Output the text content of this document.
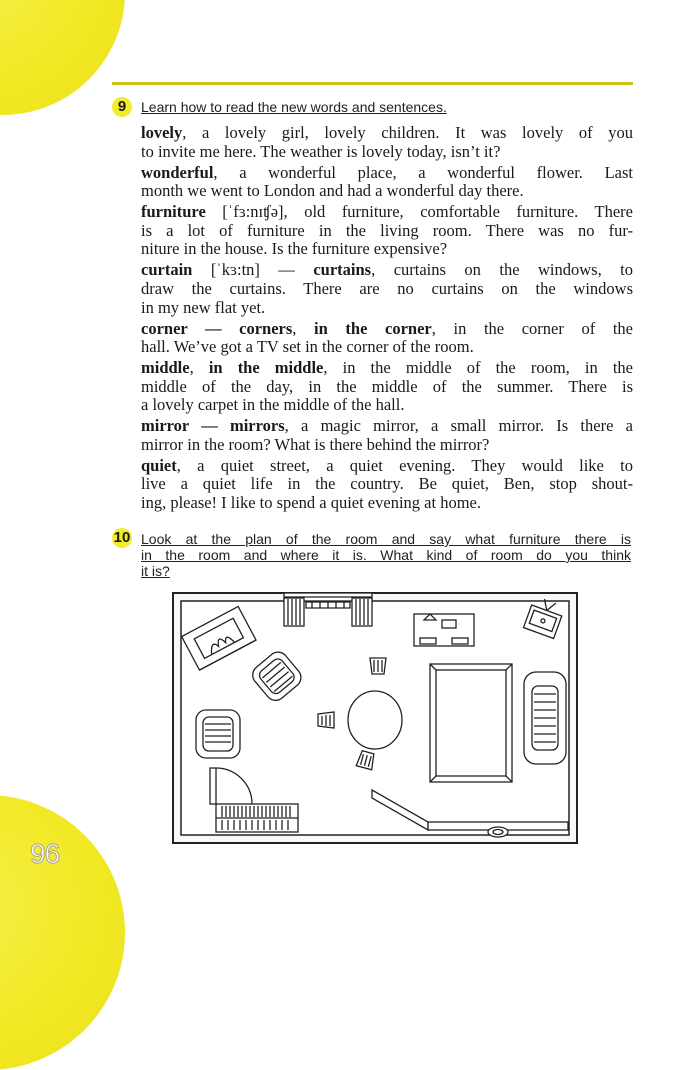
9	Learn how to read the new words and sentences.
lovely, a lovely girl, lovely children. It was lovely of you
to invite me here. The weather is lovely today, isn’t it?
wonderful, a wonderful place, a wonderful flower. Last
month we went to London and had a wonderful day there.
furniture [ˈfɜ:nɪʧə], old furniture, comfortable furniture. There
is a lot of furniture in the living room. There was no fur-
niture in the house. Is the furniture expensive?
curtain [ˈkɜ:tn] — curtains, curtains on the windows, to
draw the curtains. There are no curtains on the windows
in my new flat yet.
corner — corners, in the corner, in the corner of the
hall. We’ve got a TV set in the corner of the room.
middle, in the middle, in the middle of the room, in the
middle of the day, in the middle of the summer. There is
a lovely carpet in the middle of the hall.
mirror — mirrors, a magic mirror, a small mirror. Is there a
mirror in the room? What is there behind the mirror?
quiet, a quiet street, a quiet evening. They would like to
live a quiet life in the country. Be quiet, Ben, stop shout-
ing, please! I like to spend a quiet evening at home.
10 Look at the plan of the room and say what furniture there is
in the room and where it is. What kind of room do you think
it is?
96
